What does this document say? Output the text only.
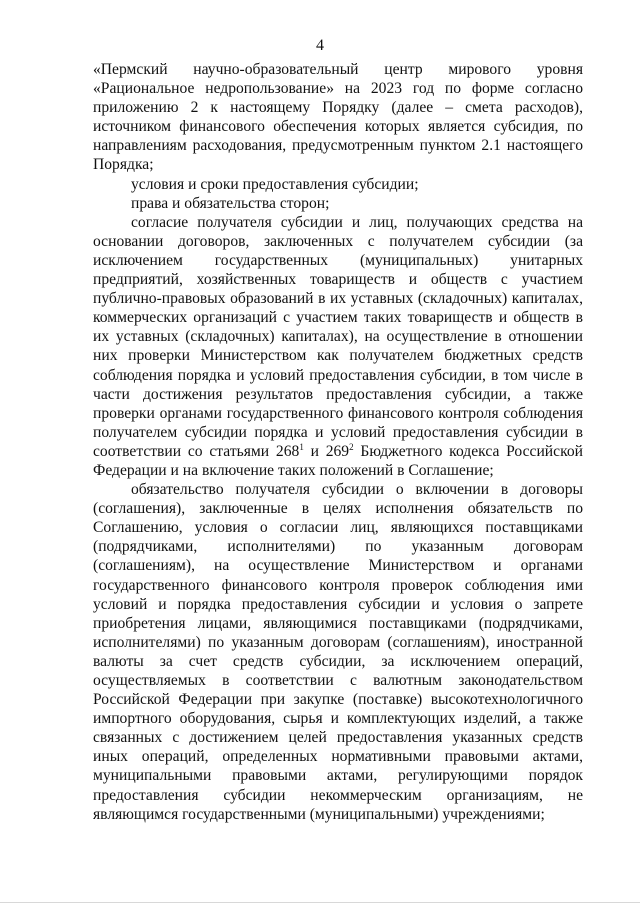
4

«Пермский научно-образовательный центр мирового уровня «Рациональное недропользование» на 2023 год по форме согласно приложению 2 к настоящему Порядку (далее – смета расходов), источником финансового обеспечения которых является субсидия, по направлениям расходования, предусмотренным пунктом 2.1 настоящего Порядка;

условия и сроки предоставления субсидии;

права и обязательства сторон;

согласие получателя субсидии и лиц, получающих средства на основании договоров, заключенных с получателем субсидии (за исключением государственных (муниципальных) унитарных предприятий, хозяйственных товариществ и обществ с участием публично-правовых образований в их уставных (складочных) капиталах, коммерческих организаций с участием таких товариществ и обществ в их уставных (складочных) капиталах), на осуществление в отношении них проверки Министерством как получателем бюджетных средств соблюдения порядка и условий предоставления субсидии, в том числе в части достижения результатов предоставления субсидии, а также проверки органами государственного финансового контроля соблюдения получателем субсидии порядка и условий предоставления субсидии в соответствии со статьями $268^1$ и $269^2$ Бюджетного кодекса Российской Федерации и на включение таких положений в Соглашение;

обязательство получателя субсидии о включении в договоры (соглашения), заключенные в целях исполнения обязательств по Соглашению, условия о согласии лиц, являющихся поставщиками (подрядчиками, исполнителями) по указанным договорам (соглашениям), на осуществление Министерством и органами государственного финансового контроля проверок соблюдения ими условий и порядка предоставления субсидии и условия о запрете приобретения лицами, являющимися поставщиками (подрядчиками, исполнителями) по указанным договорам (соглашениям), иностранной валюты за счет средств субсидии, за исключением операций, осуществляемых в соответствии с валютным законодательством Российской Федерации при закупке (поставке) высокотехнологичного импортного оборудования, сырья и комплектующих изделий, а также связанных с достижением целей предоставления указанных средств иных операций, определенных нормативными правовыми актами, муниципальными правовыми актами, регулирующими порядок предоставления субсидии некоммерческим организациям, не являющимся государственными (муниципальными) учреждениями;
